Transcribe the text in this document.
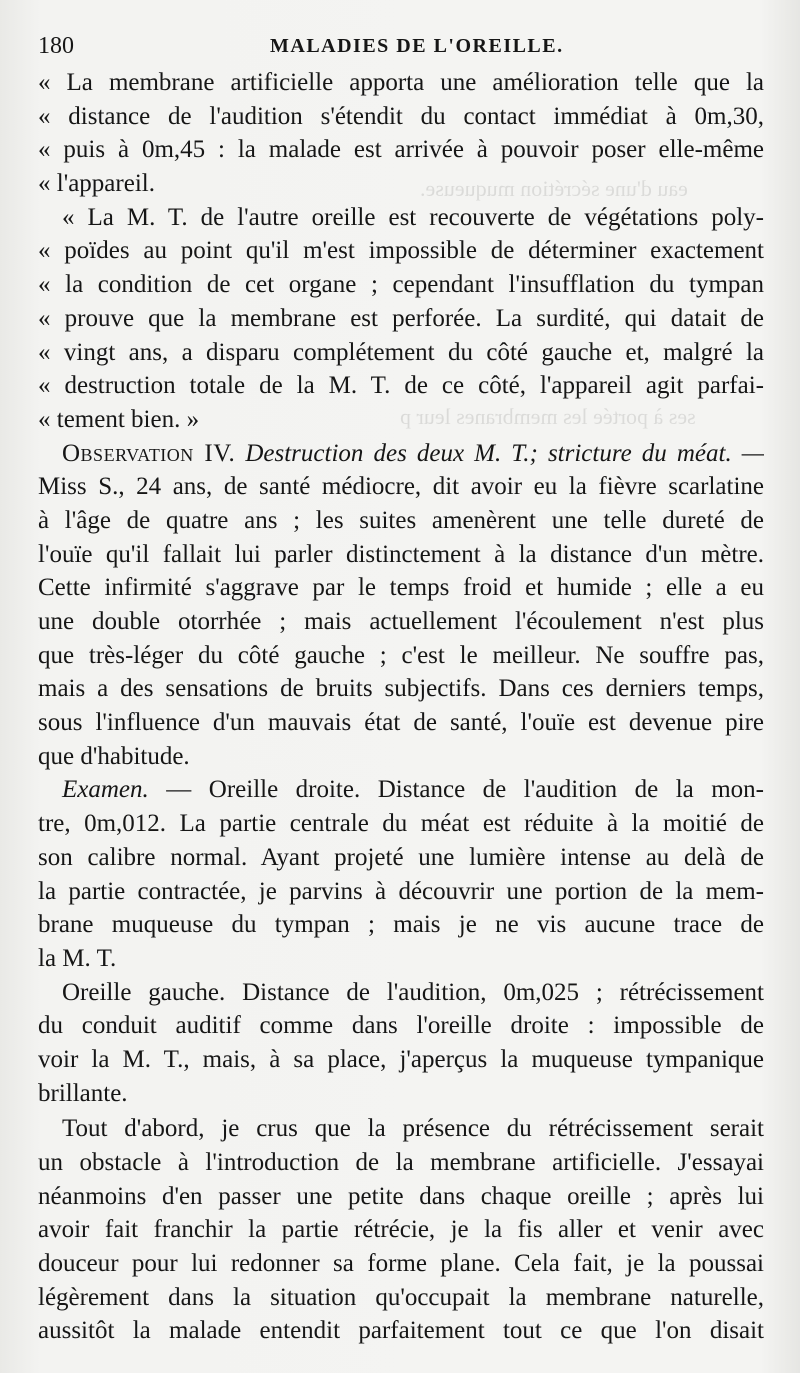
eau d'une sécrétion muqueuse.
ses à portée les membranes leur p
180	MALADIES DE L'OREILLE.
« La membrane artificielle apporta une amélioration telle que la
« distance de l'audition s'étendit du contact immédiat à 0m,30,
« puis à 0m,45 : la malade est arrivée à pouvoir poser elle-même
« l'appareil.
« La M. T. de l'autre oreille est recouverte de végétations poly-
« poïdes au point qu'il m'est impossible de déterminer exactement
« la condition de cet organe ; cependant l'insufflation du tympan
« prouve que la membrane est perforée. La surdité, qui datait de
« vingt ans, a disparu complétement du côté gauche et, malgré la
« destruction totale de la M. T. de ce côté, l'appareil agit parfai-
« tement bien. »
Observation IV. Destruction des deux M. T.; stricture du méat. —
Miss S., 24 ans, de santé médiocre, dit avoir eu la fièvre scarlatine
à l'âge de quatre ans ; les suites amenèrent une telle dureté de
l'ouïe qu'il fallait lui parler distinctement à la distance d'un mètre.
Cette infirmité s'aggrave par le temps froid et humide ; elle a eu
une double otorrhée ; mais actuellement l'écoulement n'est plus
que très-léger du côté gauche ; c'est le meilleur. Ne souffre pas,
mais a des sensations de bruits subjectifs. Dans ces derniers temps,
sous l'influence d'un mauvais état de santé, l'ouïe est devenue pire
que d'habitude.
Examen. — Oreille droite. Distance de l'audition de la mon-
tre, 0m,012. La partie centrale du méat est réduite à la moitié de
son calibre normal. Ayant projeté une lumière intense au delà de
la partie contractée, je parvins à découvrir une portion de la mem-
brane muqueuse du tympan ; mais je ne vis aucune trace de
la M. T.
Oreille gauche. Distance de l'audition, 0m,025 ; rétrécissement
du conduit auditif comme dans l'oreille droite : impossible de
voir la M. T., mais, à sa place, j'aperçus la muqueuse tympanique
brillante.
Tout d'abord, je crus que la présence du rétrécissement serait
un obstacle à l'introduction de la membrane artificielle. J'essayai
néanmoins d'en passer une petite dans chaque oreille ; après lui
avoir fait franchir la partie rétrécie, je la fis aller et venir avec
douceur pour lui redonner sa forme plane. Cela fait, je la poussai
légèrement dans la situation qu'occupait la membrane naturelle,
aussitôt la malade entendit parfaitement tout ce que l'on disait
